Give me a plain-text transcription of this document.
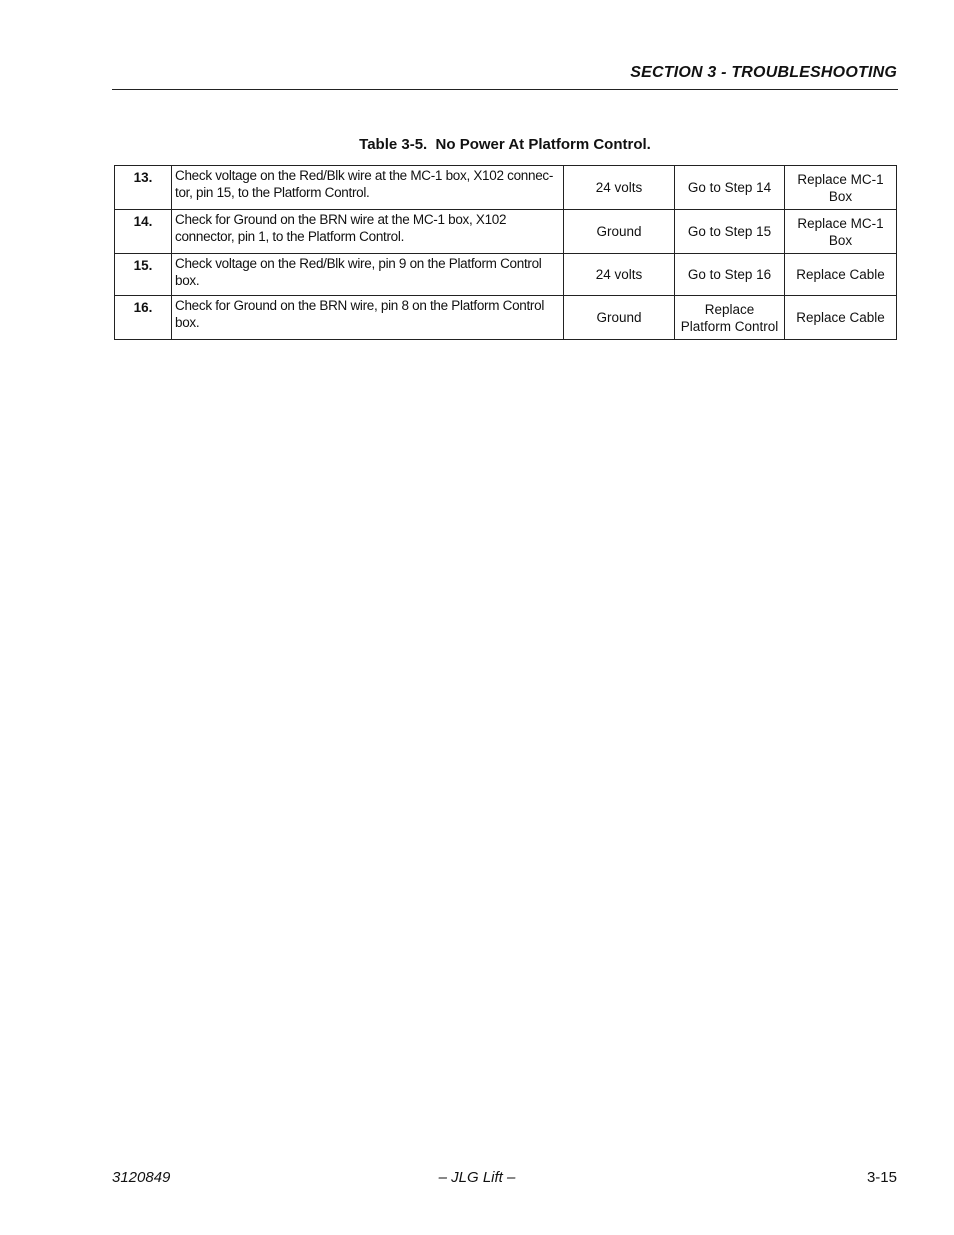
SECTION 3 - TROUBLESHOOTING
Table 3-5.  No Power At Platform Control.
13.	Check voltage on the Red/Blk wire at the MC-1 box, X102 connec-tor, pin 15, to the Platform Control.	24 volts	Go to Step 14	Replace MC-1 Box
14.	Check for Ground on the BRN wire at the MC-1 box, X102 connector, pin 1, to the Platform Control.	Ground	Go to Step 15	Replace MC-1 Box
15.	Check voltage on the Red/Blk wire, pin 9 on the Platform Control box.	24 volts	Go to Step 16	Replace Cable
16.	Check for Ground on the BRN wire, pin 8 on the Platform Control box.	Ground	Replace Platform Control	Replace Cable
3120849	– JLG Lift –	3-15
